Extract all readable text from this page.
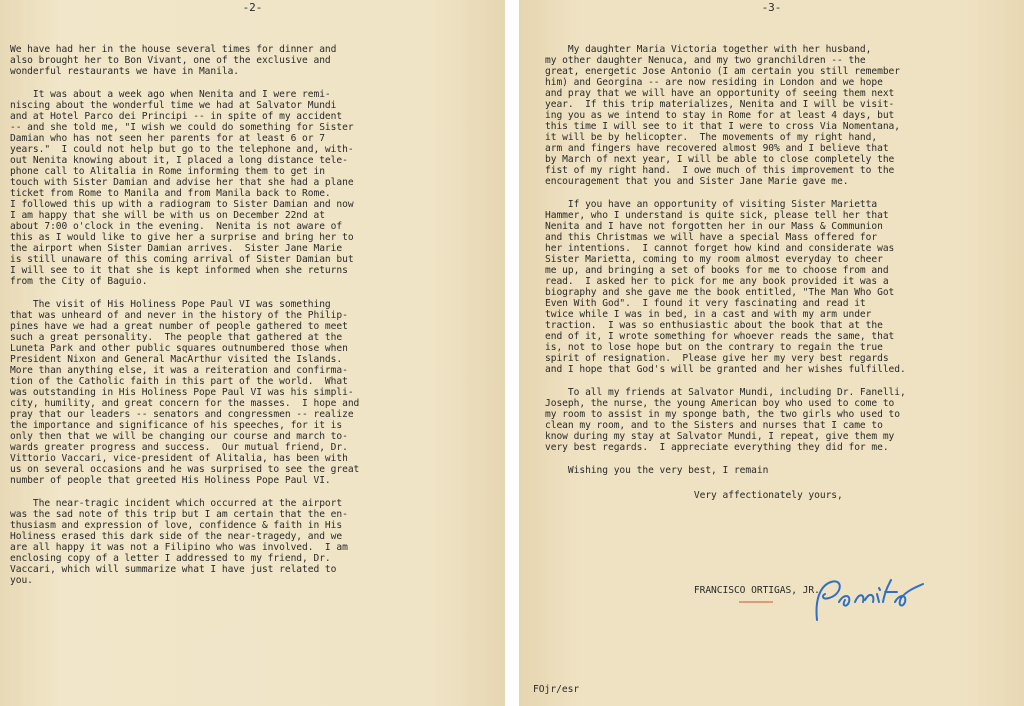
-2-

We have had her in the house several times for dinner and
also brought her to Bon Vivant, one of the exclusive and
wonderful restaurants we have in Manila.

It was about a week ago when Nenita and I were remi-
niscing about the wonderful time we had at Salvator Mundi
and at Hotel Parco dei Principi -- in spite of my accident
-- and she told me, "I wish we could do something for Sister
Damian who has not seen her parents for at least 6 or 7
years."  I could not help but go to the telephone and, with-
out Nenita knowing about it, I placed a long distance tele-
phone call to Alitalia in Rome informing them to get in
touch with Sister Damian and advise her that she had a plane
ticket from Rome to Manila and from Manila back to Rome.
I followed this up with a radiogram to Sister Damian and now
I am happy that she will be with us on December 22nd at
about 7:00 o'clock in the evening.  Nenita is not aware of
this as I would like to give her a surprise and bring her to
the airport when Sister Damian arrives.  Sister Jane Marie
is still unaware of this coming arrival of Sister Damian but
I will see to it that she is kept informed when she returns
from the City of Baguio.

The visit of His Holiness Pope Paul VI was something
that was unheard of and never in the history of the Philip-
pines have we had a great number of people gathered to meet
such a great personality.  The people that gathered at the
Luneta Park and other public squares outnumbered those when
President Nixon and General MacArthur visited the Islands.
More than anything else, it was a reiteration and confirma-
tion of the Catholic faith in this part of the world.  What
was outstanding in His Holiness Pope Paul VI was his simpli-
city, humility, and great concern for the masses.  I hope and
pray that our leaders -- senators and congressmen -- realize
the importance and significance of his speeches, for it is
only then that we will be changing our course and march to-
wards greater progress and success.  Our mutual friend, Dr.
Vittorio Vaccari, vice-president of Alitalia, has been with
us on several occasions and he was surprised to see the great
number of people that greeted His Holiness Pope Paul VI.

The near-tragic incident which occurred at the airport
was the sad note of this trip but I am certain that the en-
thusiasm and expression of love, confidence & faith in His
Holiness erased this dark side of the near-tragedy, and we
are all happy it was not a Filipino who was involved.  I am
enclosing copy of a letter I addressed to my friend, Dr.
Vaccari, which will summarize what I have just related to
you.

-3-

My daughter Maria Victoria together with her husband,
my other daughter Nenuca, and my two granchildren -- the
great, energetic Jose Antonio (I am certain you still remember
him) and Georgina -- are now residing in London and we hope
and pray that we will have an opportunity of seeing them next
year.  If this trip materializes, Nenita and I will be visit-
ing you as we intend to stay in Rome for at least 4 days, but
this time I will see to it that I were to cross Via Nomentana,
it will be by helicopter.  The movements of my right hand,
arm and fingers have recovered almost 90% and I believe that
by March of next year, I will be able to close completely the
fist of my right hand.  I owe much of this improvement to the
encouragement that you and Sister Jane Marie gave me.

If you have an opportunity of visiting Sister Marietta
Hammer, who I understand is quite sick, please tell her that
Nenita and I have not forgotten her in our Mass & Communion
and this Christmas we will have a special Mass offered for
her intentions.  I cannot forget how kind and considerate was
Sister Marietta, coming to my room almost everyday to cheer
me up, and bringing a set of books for me to choose from and
read.  I asked her to pick for me any book provided it was a
biography and she gave me the book entitled, "The Man Who Got
Even With God".  I found it very fascinating and read it
twice while I was in bed, in a cast and with my arm under
traction.  I was so enthusiastic about the book that at the
end of it, I wrote something for whoever reads the same, that
is, not to lose hope but on the contrary to regain the true
spirit of resignation.  Please give her my very best regards
and I hope that God's will be granted and her wishes fulfilled.

To all my friends at Salvator Mundi, including Dr. Fanelli,
Joseph, the nurse, the young American boy who used to come to
my room to assist in my sponge bath, the two girls who used to
clean my room, and to the Sisters and nurses that I came to
know during my stay at Salvator Mundi, I repeat, give them my
very best regards.  I appreciate everything they did for me.

Wishing you the very best, I remain

Very affectionately yours,
FRANCISCO ORTIGAS, JR.
FOjr/esr
